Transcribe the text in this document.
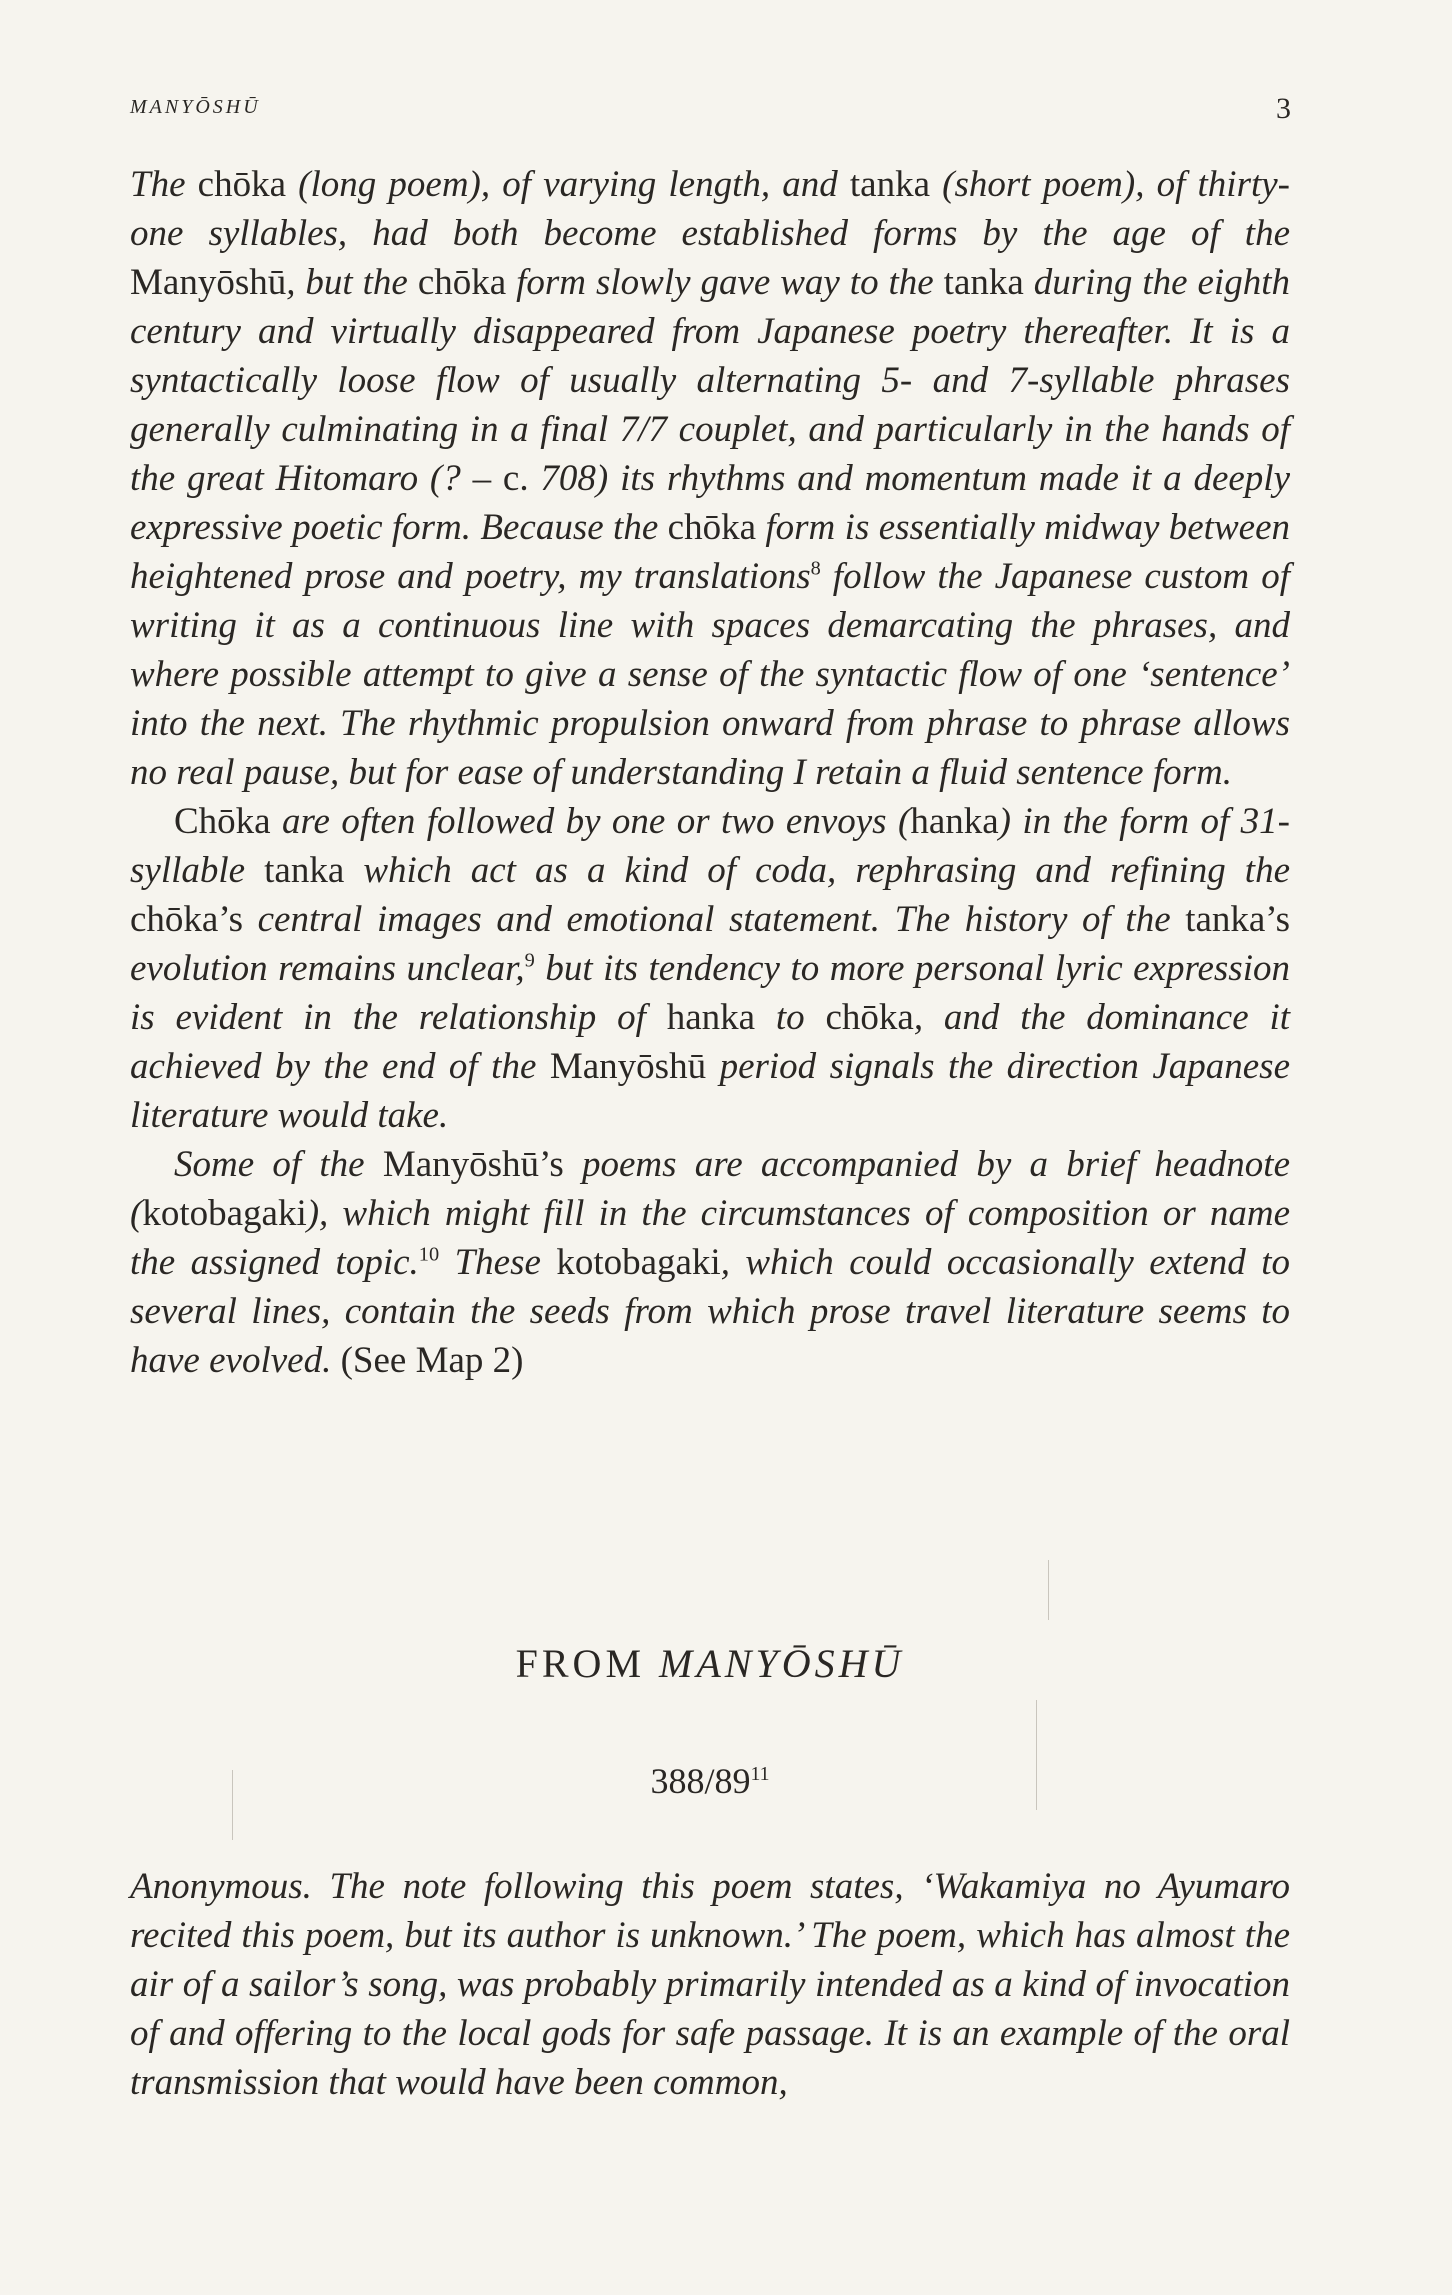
MANYŌSHŪ	3

The chōka (long poem), of varying length, and tanka (short poem), of thirty-one syllables, had both become established forms by the age of the Manyōshū, but the chōka form slowly gave way to the tanka during the eighth century and virtually disappeared from Japanese poetry thereafter. It is a syntactically loose flow of usually alternating 5- and 7-syllable phrases generally culminating in a final 7/7 couplet, and particularly in the hands of the great Hitomaro (? – c. 708) its rhythms and momentum made it a deeply expressive poetic form. Because the chōka form is essentially midway between heightened prose and poetry, my translations$^8$ follow the Japanese custom of writing it as a continuous line with spaces demarcating the phrases, and where possible attempt to give a sense of the syntactic flow of one ‘sentence’ into the next. The rhythmic propulsion onward from phrase to phrase allows no real pause, but for ease of understanding I retain a fluid sentence form.

Chōka are often followed by one or two envoys (hanka) in the form of 31-syllable tanka which act as a kind of coda, rephrasing and refining the chōka’s central images and emotional statement. The history of the tanka’s evolution remains unclear,$^9$ but its tendency to more personal lyric expression is evident in the relationship of hanka to chōka, and the dominance it achieved by the end of the Manyōshū period signals the direction Japanese literature would take.

Some of the Manyōshū’s poems are accompanied by a brief headnote (kotobagaki), which might fill in the circumstances of composition or name the assigned topic.$^{10}$ These kotobagaki, which could occasionally extend to several lines, contain the seeds from which prose travel literature seems to have evolved. (See Map 2)

FROM MANYŌSHŪ
$388/89^{11}$

Anonymous. The note following this poem states, ‘Wakamiya no Ayumaro recited this poem, but its author is unknown.’ The poem, which has almost the air of a sailor’s song, was probably primarily intended as a kind of invocation of and offering to the local gods for safe passage. It is an example of the oral transmission that would have been common,
